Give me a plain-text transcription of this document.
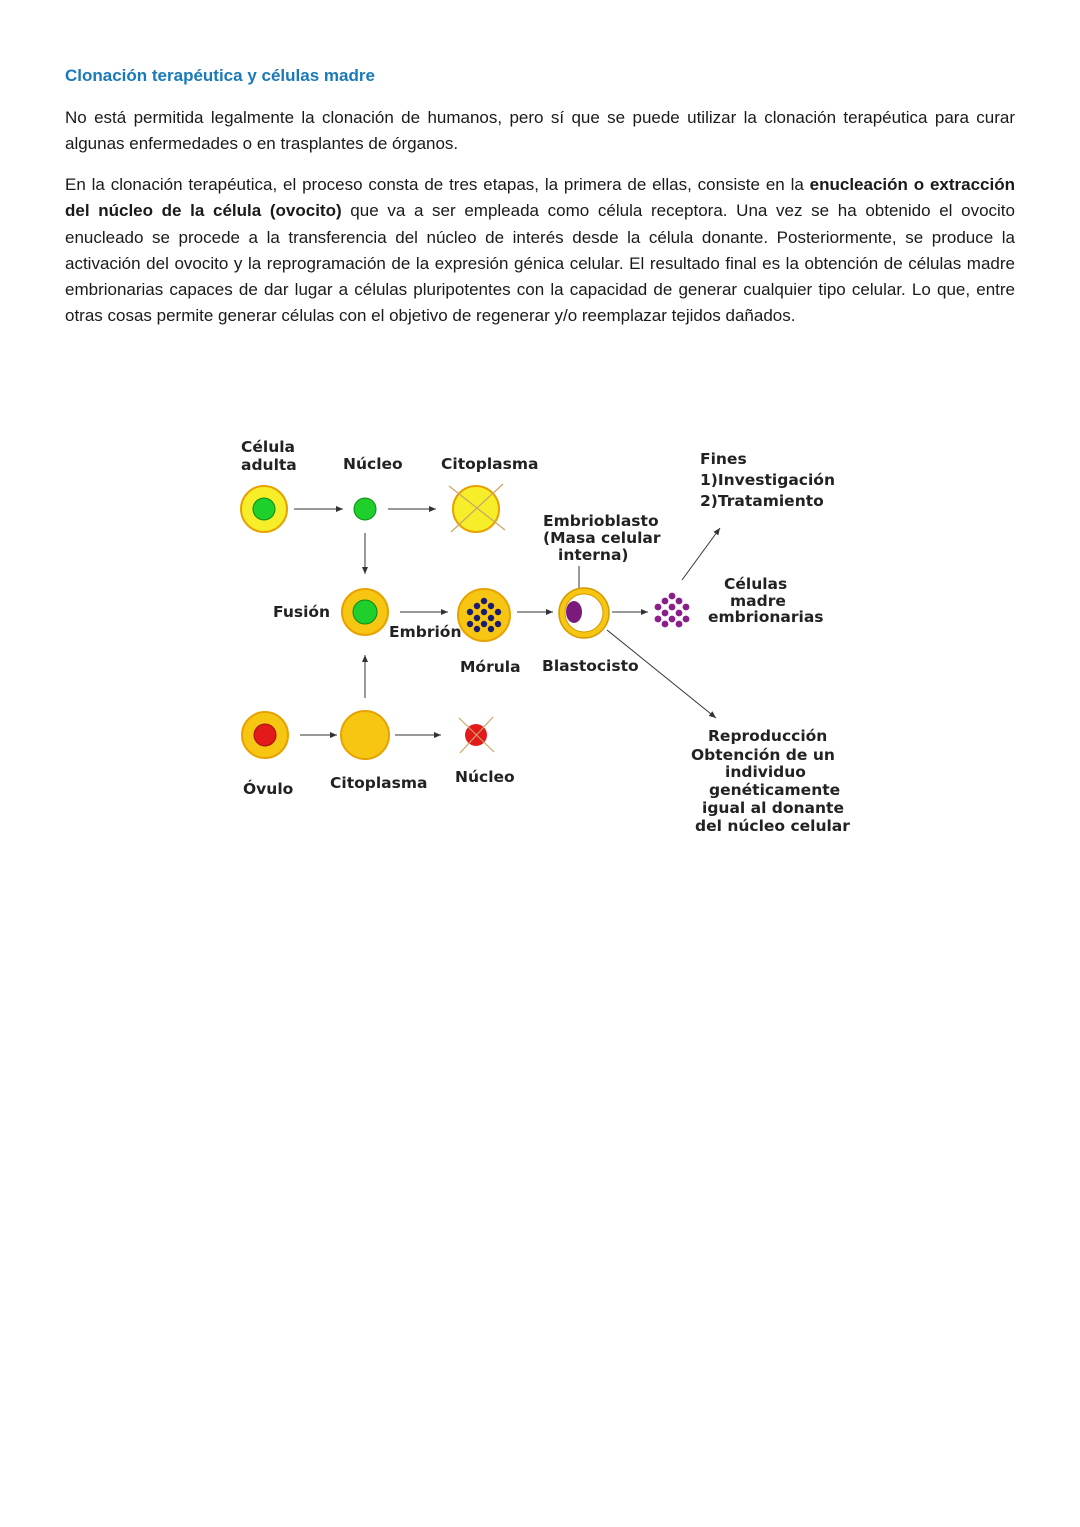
Clonación terapéutica y células madre

No está permitida legalmente la clonación de humanos, pero sí que se puede utilizar la clonación terapéutica para curar algunas enfermedades o en trasplantes de órganos.

En la clonación terapéutica, el proceso consta de tres etapas, la primera de ellas, consiste en la enucleación o extracción del núcleo de la célula (ovocito) que va a ser empleada como célula receptora. Una vez se ha obtenido el ovocito enucleado se procede a la transferencia del núcleo de interés desde la célula donante. Posteriormente, se produce la activación del ovocito y la reprogramación de la expresión génica celular. El resultado final es la obtención de células madre embrionarias capaces de dar lugar a células pluripotentes con la capacidad de generar cualquier tipo celular. Lo que, entre otras cosas permite generar células con el objetivo de regenerar y/o reemplazar tejidos dañados.

Célula
adulta	Núcleo Citoplasma	Fines
1)Investigación
2)Tratamiento
Embrioblasto
(Masa celular
interna)
Células
madre
embrionarias
Fusión
Embrión
Mórula Blastocisto
Reproducción
Obtención de un
individuo
genéticamente
igual al donante
del núcleo celular
Óvulo Citoplasma Núcleo
